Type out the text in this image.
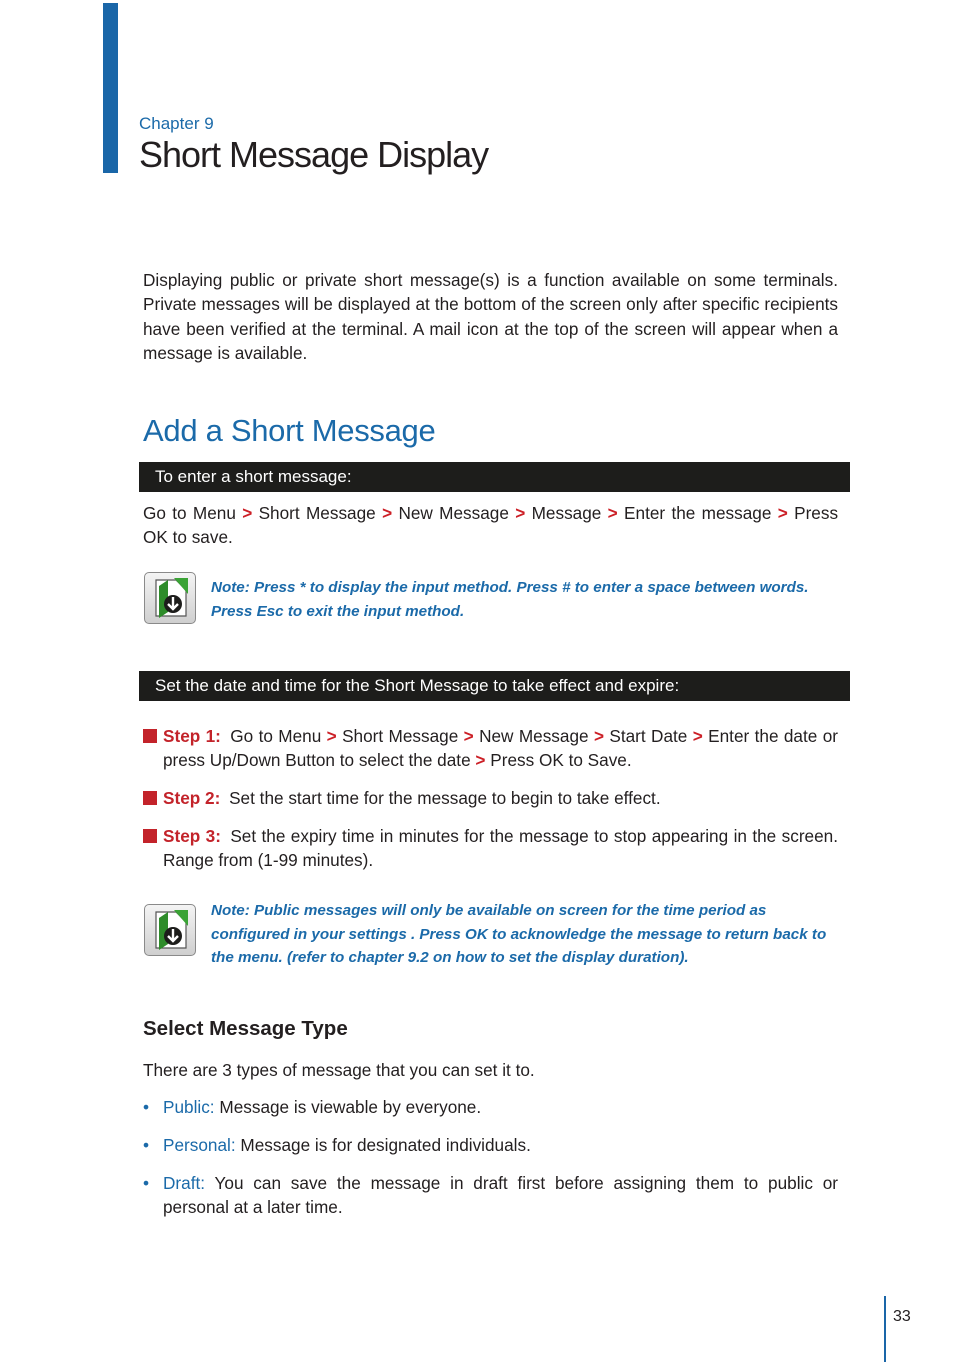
Chapter 9
Short Message Display

Displaying public or private short message(s) is a function available on some terminals. Private messages will be displayed at the bottom of the screen only after specific recipients have been verified at the terminal. A mail icon at the top of the screen will appear when a message is available.

Add a Short Message
To enter a short message:

Go to Menu > Short Message > New Message > Message > Enter the message > Press OK to save.

Note: Press * to display the input method. Press # to enter a space between words. Press Esc to exit the input method.

Set the date and time for the Short Message to take effect and expire:
Step 1: Go to Menu > Short Message > New Message > Start Date > Enter the date or press Up/Down Button to select the date > Press OK to Save.
Step 2: Set the start time for the message to begin to take effect.
Step 3: Set the expiry time in minutes for the message to stop appearing in the screen. Range from (1-99 minutes).

Note: Public messages will only be available on screen for the time period as configured in your settings . Press OK to acknowledge the message to return back to the menu. (refer to chapter 9.2 on how to set the display duration).

Select Message Type

There are 3 types of message that you can set it to.

• Public: Message is viewable by everyone.
• Personal: Message is for designated individuals.
• Draft: You can save the message in draft first before assigning them to public or personal at a later time.
33
